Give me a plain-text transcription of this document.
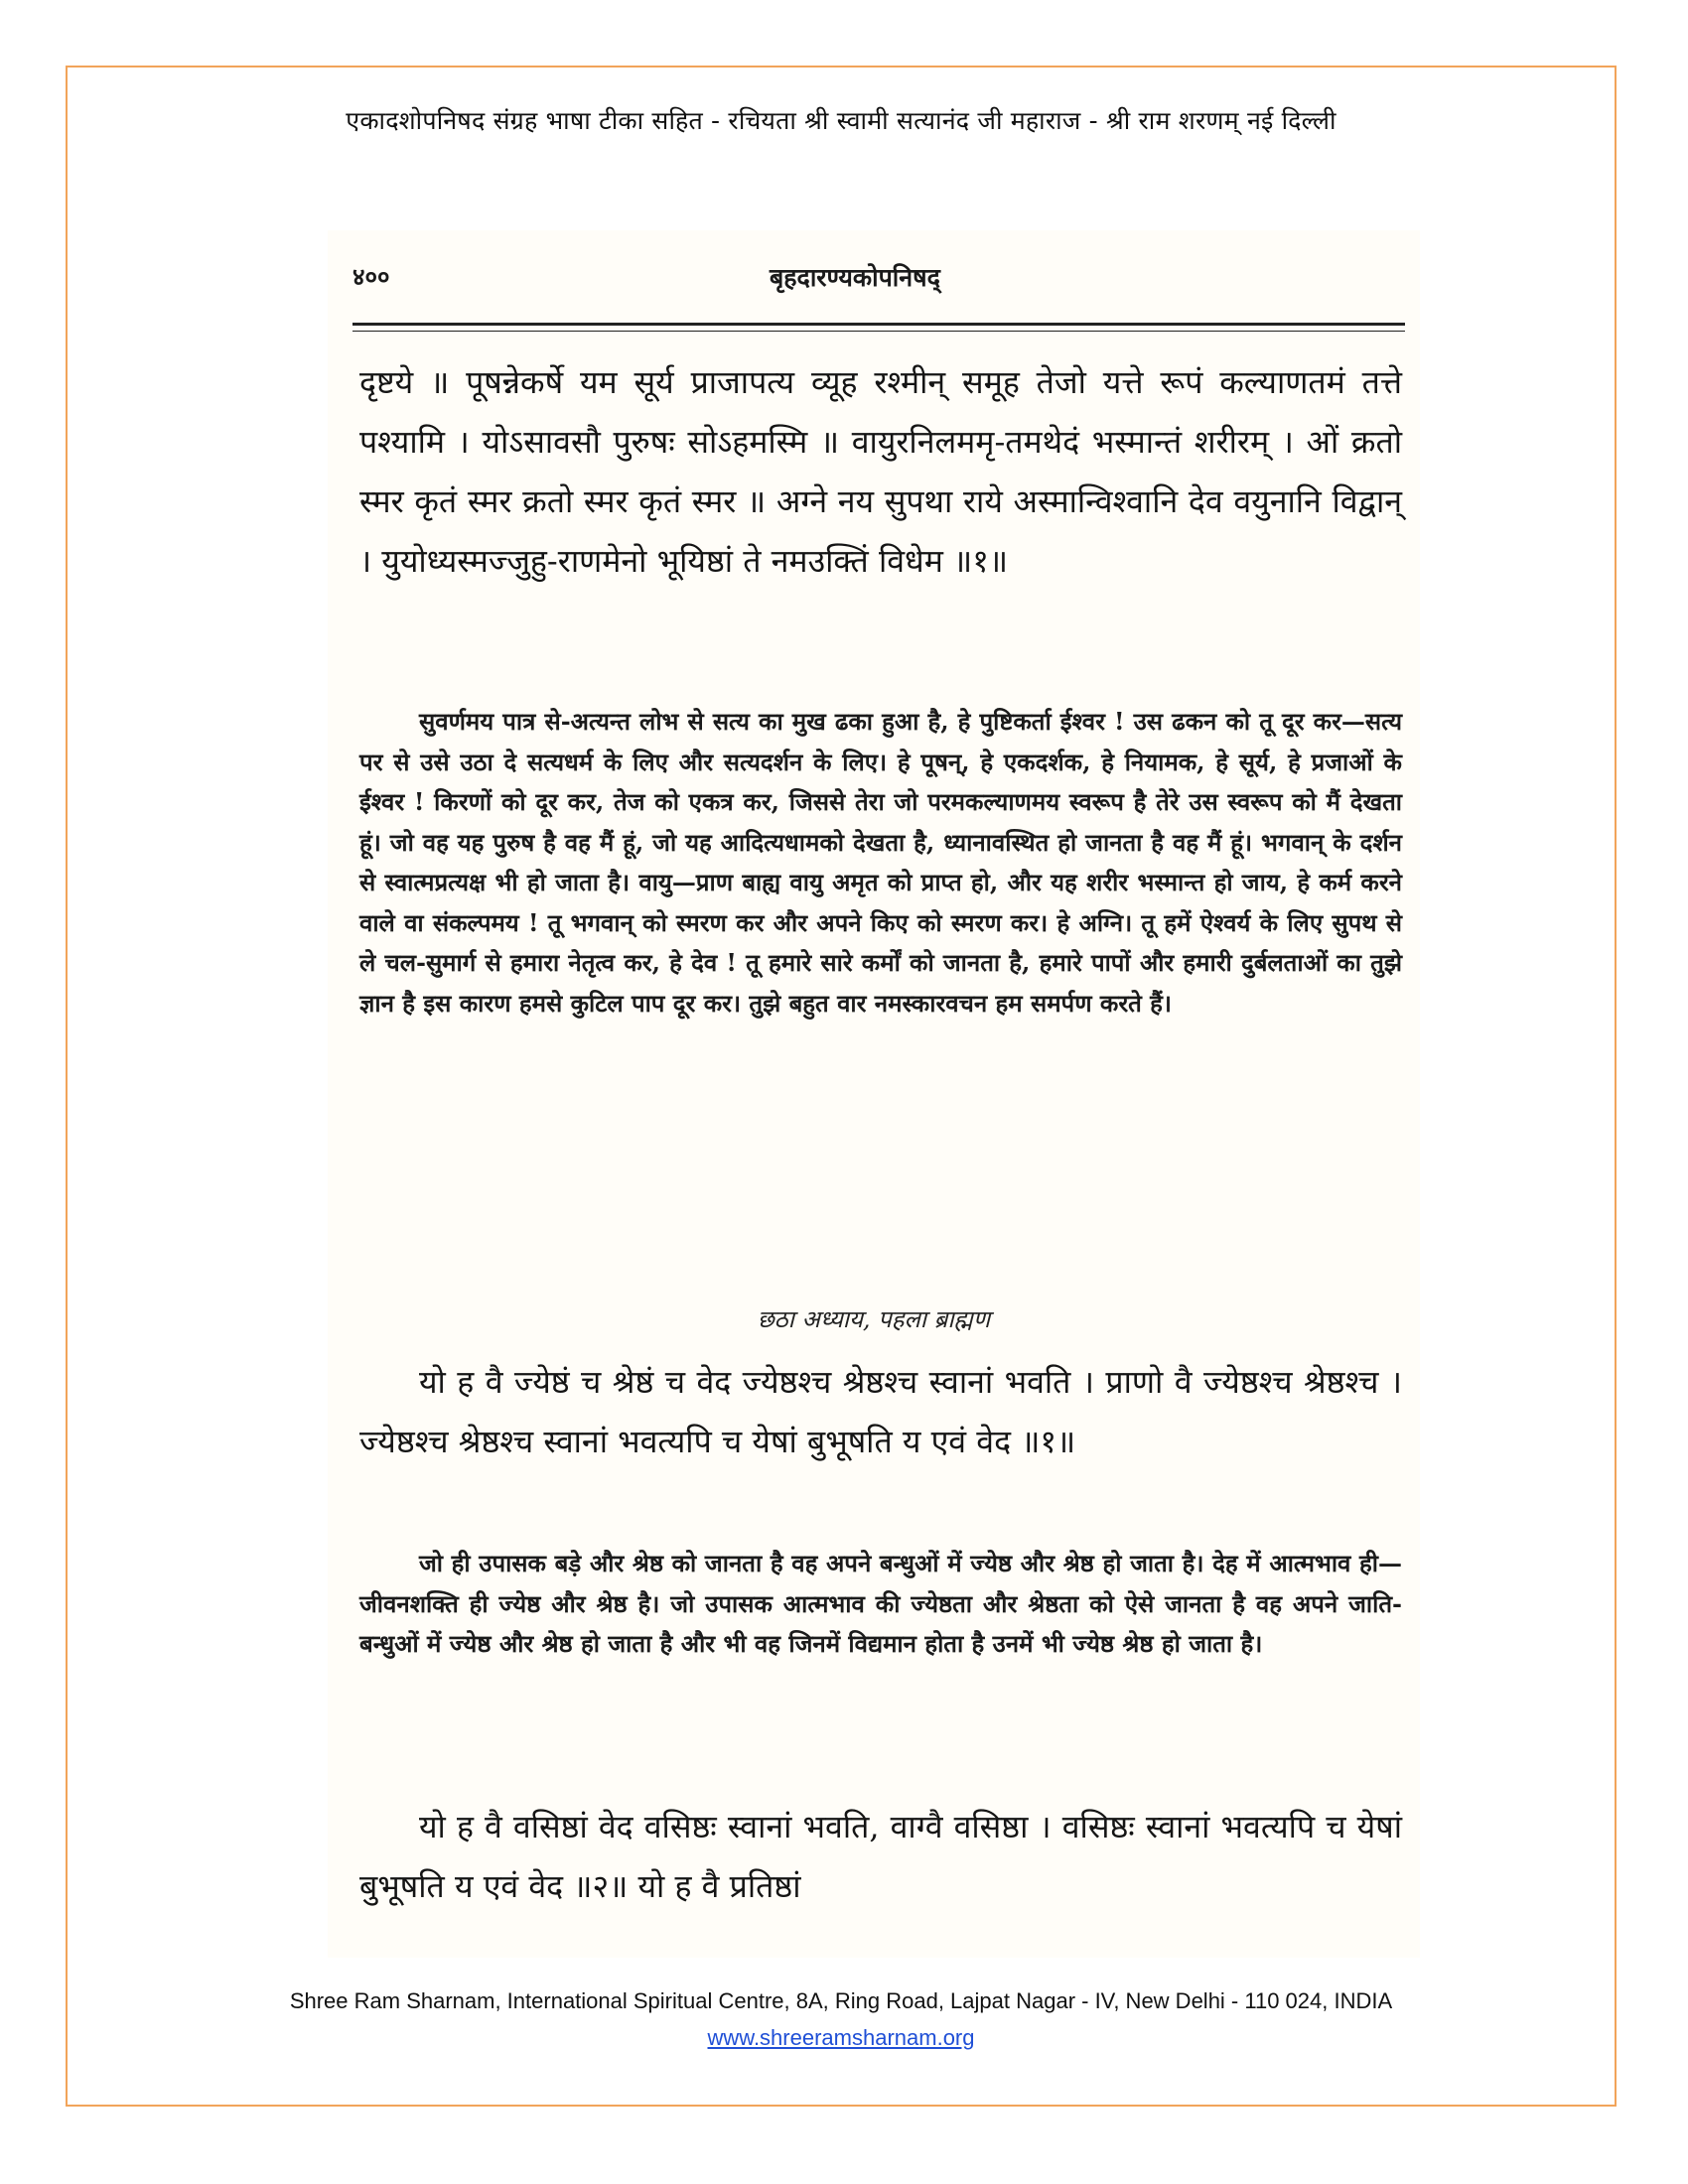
एकादशोपनिषद संग्रह भाषा टीका सहित - रचियता श्री स्वामी सत्यानंद जी महाराज - श्री राम शरणम् नई दिल्ली
४००	बृहदारण्यकोपनिषद्

दृष्टये ॥ पूषन्नेकर्षे यम सूर्य प्राजापत्य व्यूह रश्मीन् समूह तेजो यत्ते रूपं कल्याणतमं तत्ते पश्यामि । योऽसावसौ पुरुषः सोऽहमस्मि ॥ वायुरनिलममृ-तमथेदं भस्मान्तं शरीरम् । ओं क्रतो स्मर कृतं स्मर क्रतो स्मर कृतं स्मर ॥ अग्ने नय सुपथा राये अस्मान्विश्वानि देव वयुनानि विद्वान् । युयोध्यस्मज्जुहु-राणमेनो भूयिष्ठां ते नमउक्तिं विधेम ॥१॥

सुवर्णमय पात्र से-अत्यन्त लोभ से सत्य का मुख ढका हुआ है, हे पुष्टिकर्ता ईश्वर ! उस ढकन को तू दूर कर—सत्य पर से उसे उठा दे सत्यधर्म के लिए और सत्यदर्शन के लिए। हे पूषन्, हे एकदर्शक, हे नियामक, हे सूर्य, हे प्रजाओं के ईश्वर ! किरणों को दूर कर, तेज को एकत्र कर, जिससे तेरा जो परमकल्याणमय स्वरूप है तेरे उस स्वरूप को मैं देखता हूं। जो वह यह पुरुष है वह मैं हूं, जो यह आदित्यधामको देखता है, ध्यानावस्थित हो जानता है वह मैं हूं। भगवान् के दर्शन से स्वात्मप्रत्यक्ष भी हो जाता है। वायु—प्राण बाह्य वायु अमृत को प्राप्त हो, और यह शरीर भस्मान्त हो जाय, हे कर्म करने वाले वा संकल्पमय ! तू भगवान् को स्मरण कर और अपने किए को स्मरण कर। हे अग्नि। तू हमें ऐश्वर्य के लिए सुपथ से ले चल-सुमार्ग से हमारा नेतृत्व कर, हे देव ! तू हमारे सारे कर्मों को जानता है, हमारे पापों और हमारी दुर्बलताओं का तुझे ज्ञान है इस कारण हमसे कुटिल पाप दूर कर। तुझे बहुत वार नमस्कारवचन हम समर्पण करते हैं।

छठा अध्याय, पहला ब्राह्मण

यो ह वै ज्येष्ठं च श्रेष्ठं च वेद ज्येष्ठश्च श्रेष्ठश्च स्वानां भवति । प्राणो वै ज्येष्ठश्च श्रेष्ठश्च । ज्येष्ठश्च श्रेष्ठश्च स्वानां भवत्यपि च येषां बुभूषति य एवं वेद ॥१॥

जो ही उपासक बड़े और श्रेष्ठ को जानता है वह अपने बन्धुओं में ज्येष्ठ और श्रेष्ठ हो जाता है। देह में आत्मभाव ही—जीवनशक्ति ही ज्येष्ठ और श्रेष्ठ है। जो उपासक आत्मभाव की ज्येष्ठता और श्रेष्ठता को ऐसे जानता है वह अपने जाति-बन्धुओं में ज्येष्ठ और श्रेष्ठ हो जाता है और भी वह जिनमें विद्यमान होता है उनमें भी ज्येष्ठ श्रेष्ठ हो जाता है।

यो ह वै वसिष्ठां वेद वसिष्ठः स्वानां भवति, वाग्वै वसिष्ठा । वसिष्ठः स्वानां भवत्यपि च येषां बुभूषति य एवं वेद ॥२॥ यो ह वै प्रतिष्ठां

Shree Ram Sharnam, International Spiritual Centre, 8A, Ring Road, Lajpat Nagar - IV, New Delhi - 110 024, INDIA
www.shreeramsharnam.org
